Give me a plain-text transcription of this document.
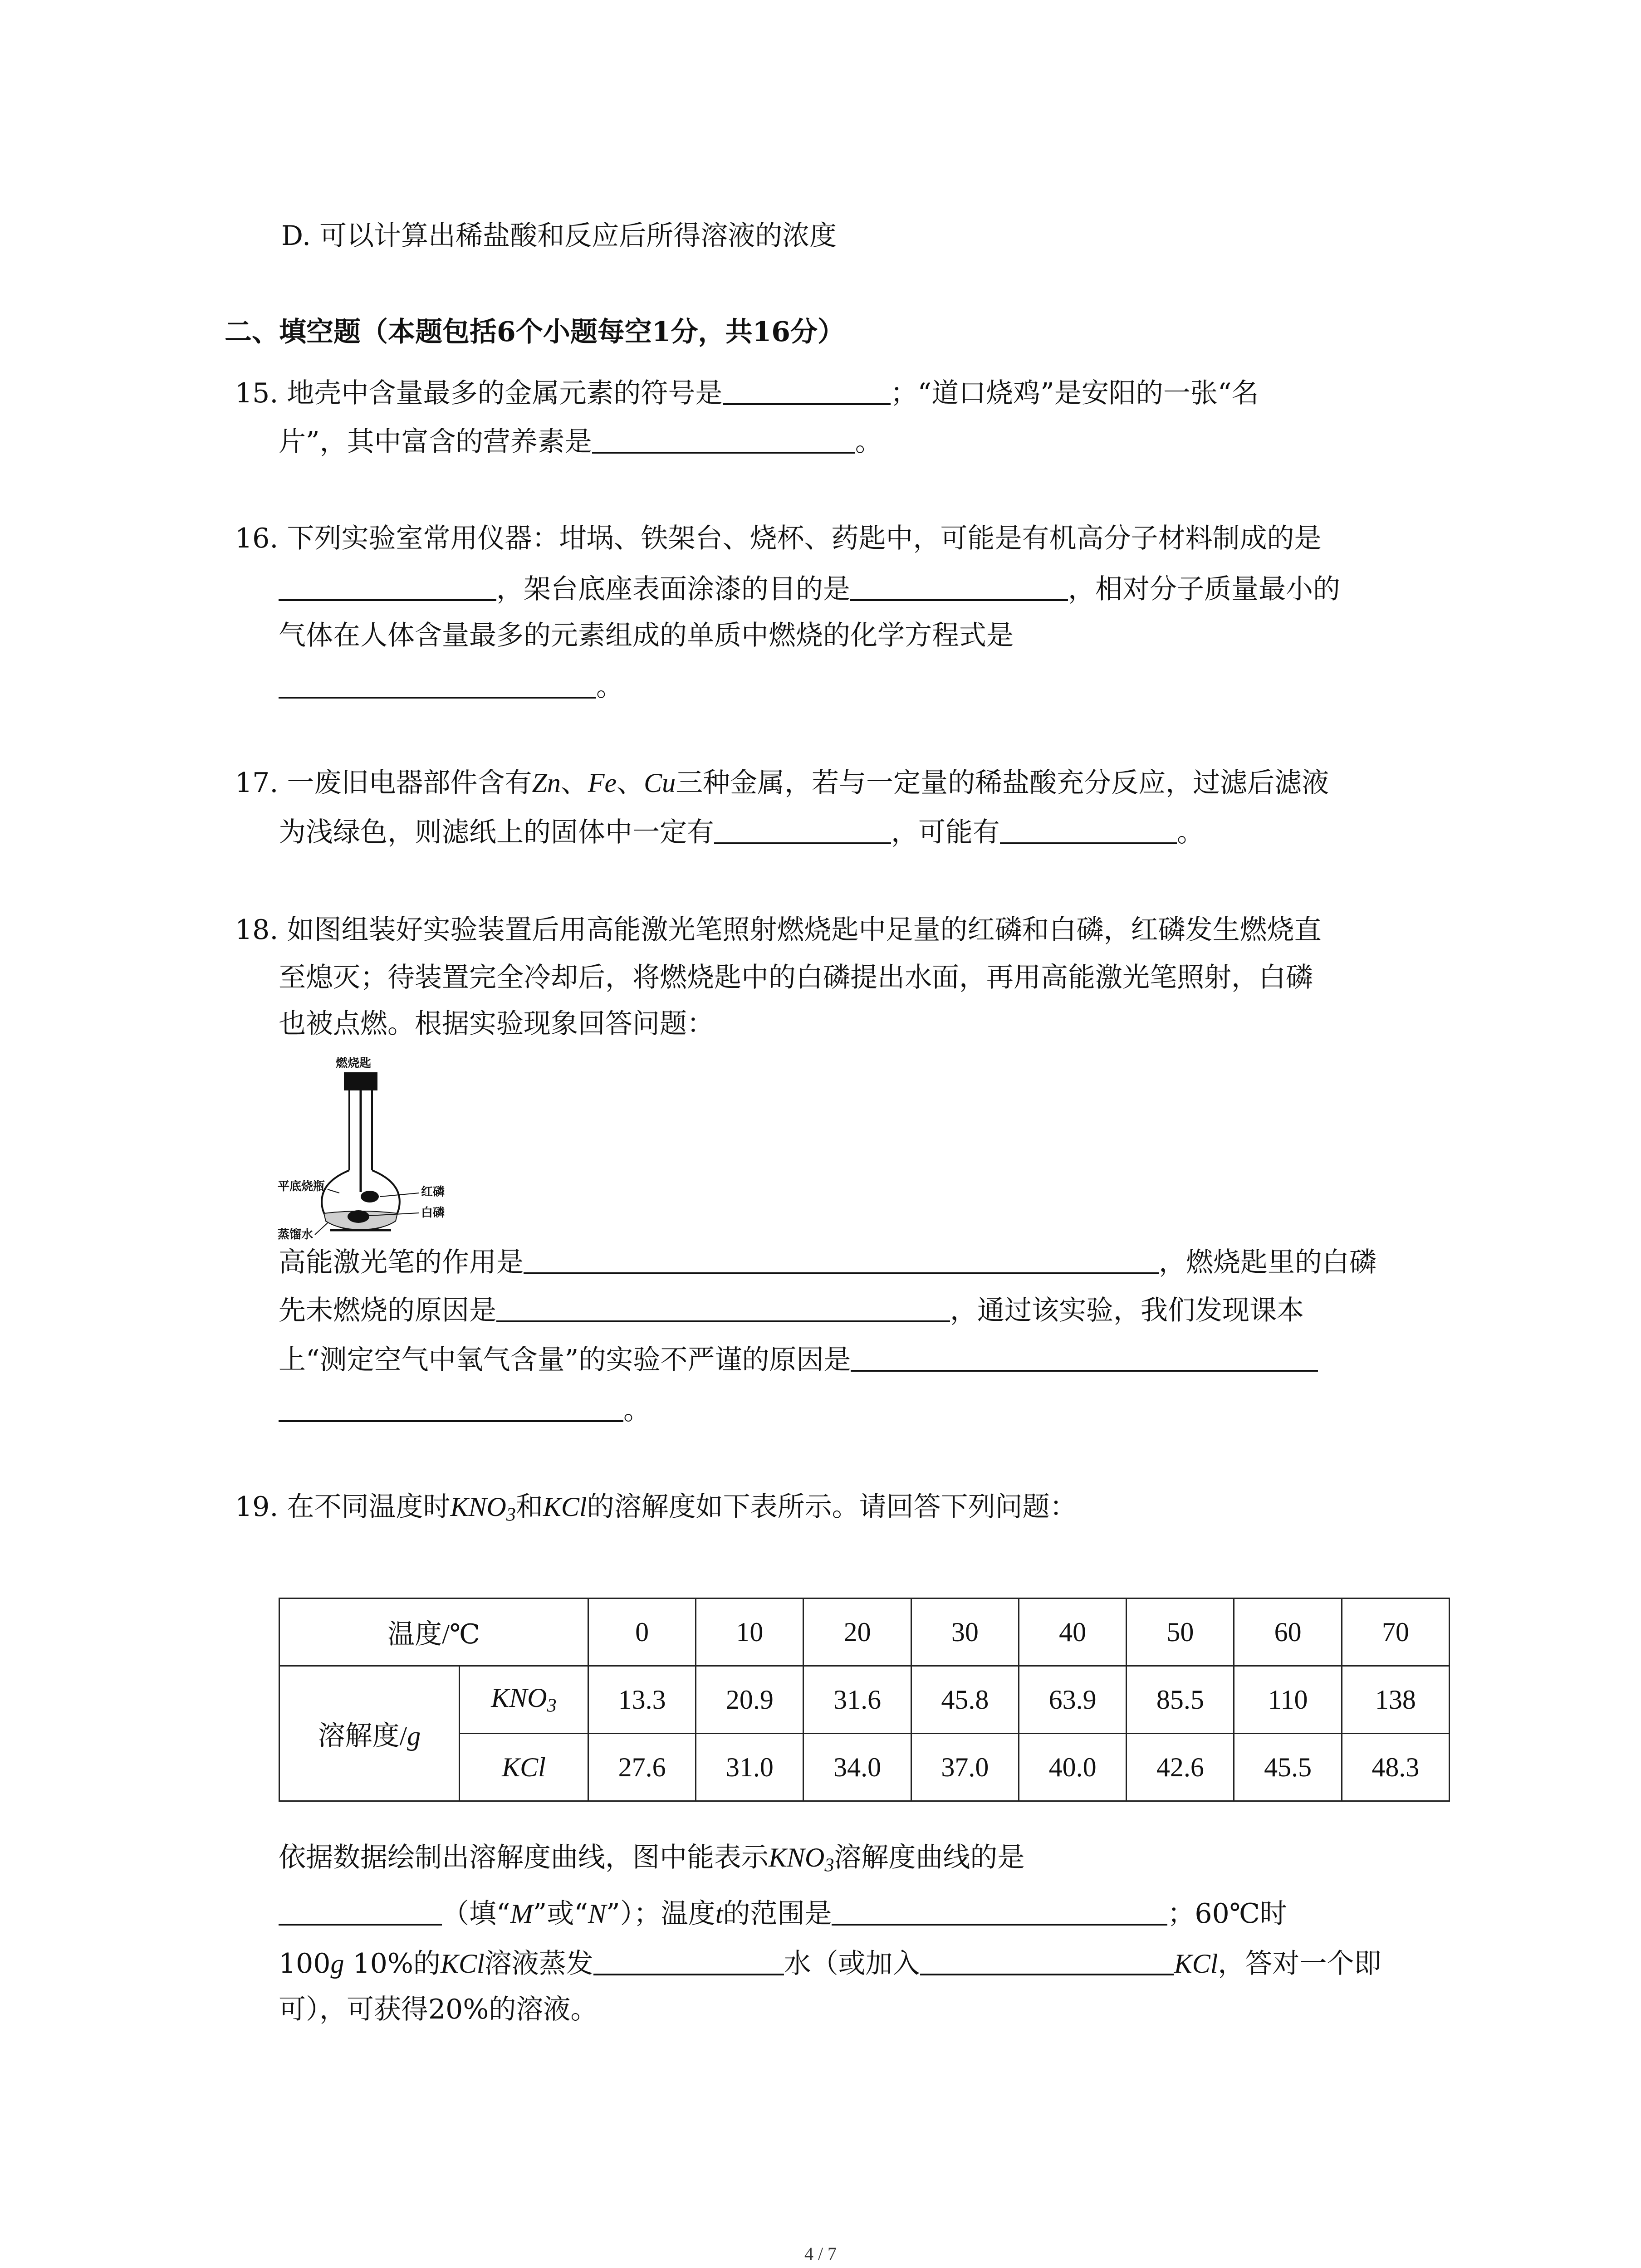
D. 可以计算出稀盐酸和反应后所得溶液的浓度
二、填空题（本题包括6个小题每空1分，共16分）
15. 地壳中含量最多的金属元素的符号是	；“道口烧鸡”是安阳的一张“名
片”，其中富含的营养素是	。
16. 下列实验室常用仪器：坩埚、铁架台、烧杯、药匙中，可能是有机高分子材料制成的是
，架台底座表面涂漆的目的是	，相对分子质量最小的
气体在人体含量最多的元素组成的单质中燃烧的化学方程式是
。
17. 一废旧电器部件含有Zn、Fe、Cu三种金属，若与一定量的稀盐酸充分反应，过滤后滤液
为浅绿色，则滤纸上的固体中一定有	，可能有	。
18. 如图组装好实验装置后用高能激光笔照射燃烧匙中足量的红磷和白磷，红磷发生燃烧直
至熄灭；待装置完全冷却后，将燃烧匙中的白磷提出水面，再用高能激光笔照射，白磷
也被点燃。根据实验现象回答问题：
燃烧匙
平底烧瓶	红磷
白磷
蒸馏水
高能激光笔的作用是	，燃烧匙里的白磷
先未燃烧的原因是	，通过该实验，我们发现课本
上“测定空气中氧气含量”的实验不严谨的原因是
。
19. 在不同温度时$KNO_3$和KCl的溶解度如下表所示。请回答下列问题：
温度/℃		0	10	20	30	40	50	60	70
溶解度/g	$KNO_3$	13.3	20.9	31.6	45.8	63.9	85.5	110	138
	KCl	27.6	31.0	34.0	37.0	40.0	42.6	45.5	48.3
依据数据绘制出溶解度曲线，图中能表示$KNO_3$溶解度曲线的是
（填“M”或“N”）；温度t的范围是	；60℃时
100g 10%的KCl溶液蒸发	水（或加入	KCl，答对一个即
可），可获得20%的溶液。
4 / 7
